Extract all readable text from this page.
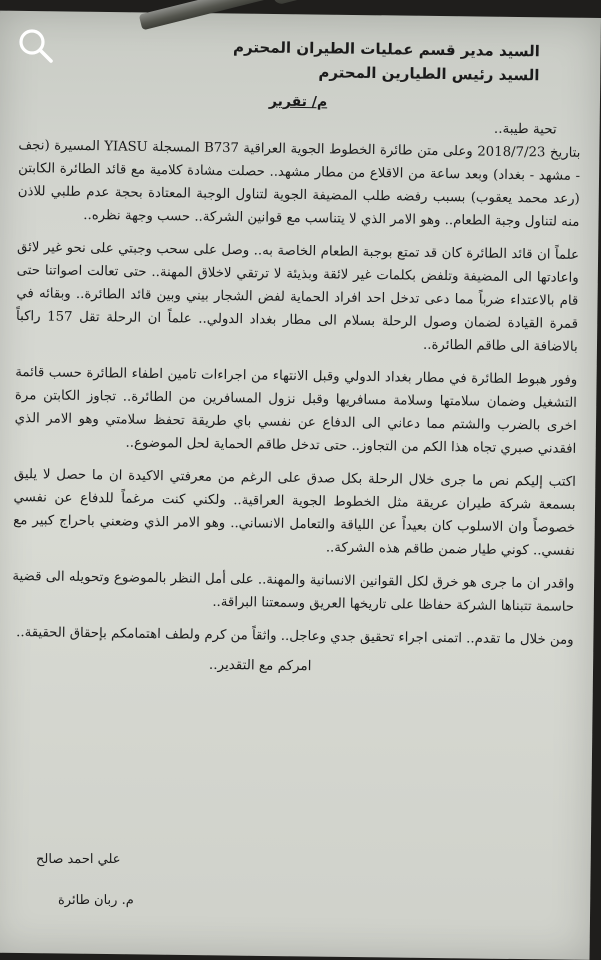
السيد مدير قسم عمليات الطيران المحترم
السيد رئيس الطيارين المحترم
م/ تقرير
تحية طيبة..

بتاريخ 2018/7/23 وعلى متن طائرة الخطوط الجوية العراقية B737 المسجلة YIASU المسيرة (نجف - مشهد - بغداد) وبعد ساعة من الاقلاع من مطار مشهد.. حصلت مشادة كلامية مع قائد الطائرة الكابتن (رعد محمد يعقوب) بسبب رفضه طلب المضيفة الجوية لتناول الوجبة المعتادة بحجة عدم طلبي للاذن منه لتناول وجبة الطعام.. وهو الامر الذي لا يتناسب مع قوانين الشركة.. حسب وجهة نظره..

علماً ان قائد الطائرة كان قد تمتع بوجبة الطعام الخاصة به.. وصل على سحب وجبتي على نحو غير لائق واعادتها الى المضيفة وتلفض بكلمات غير لائقة وبذيئة لا ترتقي لاخلاق المهنة.. حتى تعالت اصواتنا حتى قام بالاعتداء ضرباً مما دعى تدخل احد افراد الحماية لفض الشجار بيني وبين قائد الطائرة.. وبقائه في قمرة القيادة لضمان وصول الرحلة بسلام الى مطار بغداد الدولي.. علماً ان الرحلة تقل 157 راكباً بالاضافة الى طاقم الطائرة..

وفور هبوط الطائرة في مطار بغداد الدولي وقبل الانتهاء من اجراءات تامين اطفاء الطائرة حسب قائمة التشغيل وضمان سلامتها وسلامة مسافريها وقبل نزول المسافرين من الطائرة.. تجاوز الكابتن مرة اخرى بالضرب والشتم مما دعاني الى الدفاع عن نفسي باي طريقة تحفظ سلامتي وهو الامر الذي افقدني صبري تجاه هذا الكم من التجاوز.. حتى تدخل طاقم الحماية لحل الموضوع..

اكتب إليكم نص ما جرى خلال الرحلة بكل صدق على الرغم من معرفتي الاكيدة ان ما حصل لا يليق بسمعة شركة طيران عريقة مثل الخطوط الجوية العراقية.. ولكني كنت مرغماً للدفاع عن نفسي خصوصاً وان الاسلوب كان بعيداً عن اللياقة والتعامل الانساني.. وهو الامر الذي وضعني باحراج كبير مع نفسي.. كوني طيار ضمن طاقم هذه الشركة..

واقدر ان ما جرى هو خرق لكل القوانين الانسانية والمهنة.. على أمل النظر بالموضوع وتحويله الى قضية حاسمة تتبناها الشركة حفاظا على تاريخها العريق وسمعتنا البراقة..

ومن خلال ما تقدم.. اتمنى اجراء تحقيق جدي وعاجل.. واثقاً من كرم ولطف اهتمامكم بإحقاق الحقيقة..

امركم مع التقدير..
علي احمد صالح
م. ربان طائرة
